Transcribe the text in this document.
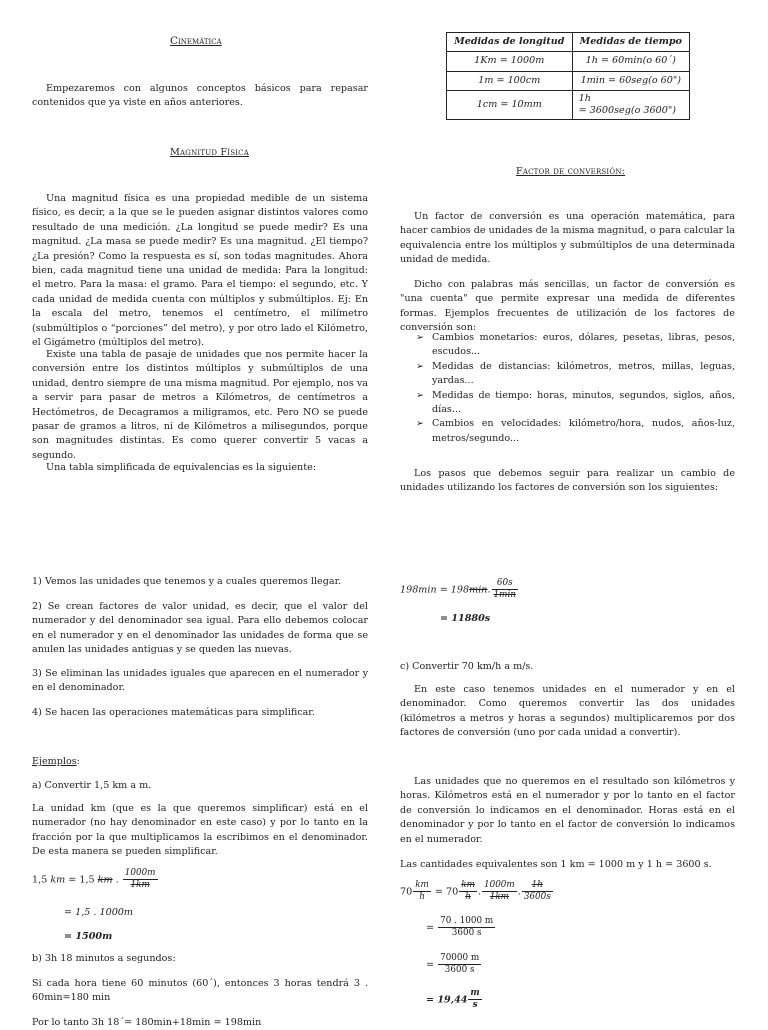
Cinemática

Empezaremos con algunos conceptos básicos para repasar contenidos que ya viste en años anteriores.

Magnitud Física

Una magnitud física es una propiedad medible de un sistema físico, es decir, a la que se le pueden asignar distintos valores como resultado de una medición. ¿La longitud se puede medir? Es una magnitud. ¿La masa se puede medir? Es una magnitud. ¿El tiempo? ¿La presión? Como la respuesta es sí, son todas magnitudes. Ahora bien, cada magnitud tiene una unidad de medida: Para la longitud: el metro. Para la masa: el gramo. Para el tiempo: el segundo, etc. Y cada unidad de medida cuenta con múltiplos y submúltiplos. Ej: En la escala del metro, tenemos el centímetro, el milímetro (submúltiplos o “porciones” del metro), y por otro lado el Kilómetro, el Gigámetro (múltiplos del metro).

Existe una tabla de pasaje de unidades que nos permite hacer la conversión entre los distintos múltiplos y submúltiplos de una unidad, dentro siempre de una misma magnitud. Por ejemplo, nos va a servir para pasar de metros a Kilómetros, de centímetros a Hectómetros, de Decagramos a miligramos, etc. Pero NO se puede pasar de gramos a litros, ni de Kilómetros a milisegundos, porque son magnitudes distintas. Es como querer convertir 5 vacas a segundo.

Una tabla simplificada de equivalencias es la siguiente:

1) Vemos las unidades que tenemos y a cuales queremos llegar.

2) Se crean factores de valor unidad, es decir, que el valor del numerador y del denominador sea igual. Para ello debemos colocar en el numerador y en el denominador las unidades de forma que se anulen las unidades antiguas y se queden las nuevas.

3) Se eliminan las unidades iguales que aparecen en el numerador y en el denominador.

4) Se hacen las operaciones matemáticas para simplificar.

Ejemplos:

a) Convertir 1,5 km a m.

La unidad km (que es la que queremos simplificar) está en el numerador (no hay denominador en este caso) y por lo tanto en la fracción por la que multiplicamos la escribimos en el denominador. De esta manera se pueden simplificar.

1,5 km = 1,5 km . $\frac{1000m}{1km}$
= 1,5 . 1000m
= 1500m

b) 3h 18 minutos a segundos:

Si cada hora tiene 60 minutos (60´), entonces 3 horas tendrá 3 . 60min=180 min

Por lo tanto 3h 18´= 180min+18min = 198min

Medidas de longitud	Medidas de tiempo
1Km = 1000m	1h = 60min(o 60´)
1m = 100cm	1min = 60seg(o 60")
1cm = 10mm	1h
= 3600seg(o 3600")
Factor de conversión:

Un factor de conversión es una operación matemática, para hacer cambios de unidades de la misma magnitud, o para calcular la equivalencia entre los múltiplos y submúltiplos de una determinada unidad de medida.

Dicho con palabras más sencillas, un factor de conversión es "una cuenta" que permite expresar una medida de diferentes formas. Ejemplos frecuentes de utilización de los factores de conversión son:

➢ Cambios monetarios: euros, dólares, pesetas, libras, pesos, escudos...
➢ Medidas de distancias: kilómetros, metros, millas, leguas, yardas...
➢ Medidas de tiempo: horas, minutos, segundos, siglos, años, días...
➢ Cambios en velocidades: kilómetro/hora, nudos, años-luz, metros/segundo...

Los pasos que debemos seguir para realizar un cambio de unidades utilizando los factores de conversión son los siguientes:

198min = 198min. $\frac{60s}{1\min}$
= 11880s

c) Convertir 70 km/h a m/s.

En este caso tenemos unidades en el numerador y en el denominador. Como queremos convertir las dos unidades (kilómetros a metros y horas a segundos) multiplicaremos por dos factores de conversión (uno por cada unidad a convertir).

Las unidades que no queremos en el resultado son kilómetros y horas. Kilómetros está en el numerador y por lo tanto en el factor de conversión lo indicamos en el denominador. Horas está en el denominador y por lo tanto en el factor de conversión lo indicamos en el numerador.

Las cantidades equivalentes son 1 km = 1000 m y 1 h = 3600 s.

$70 \frac{km}{h} = 70 \frac{km}{h}$ . $\frac{1000m}{1km}$ . $\frac{1h}{3600s}$
= $\frac{70 . 1000 m}{3600 s}$
= $\frac{70000 m}{3600 s}$
= $19,44 \frac{m}{s}$
